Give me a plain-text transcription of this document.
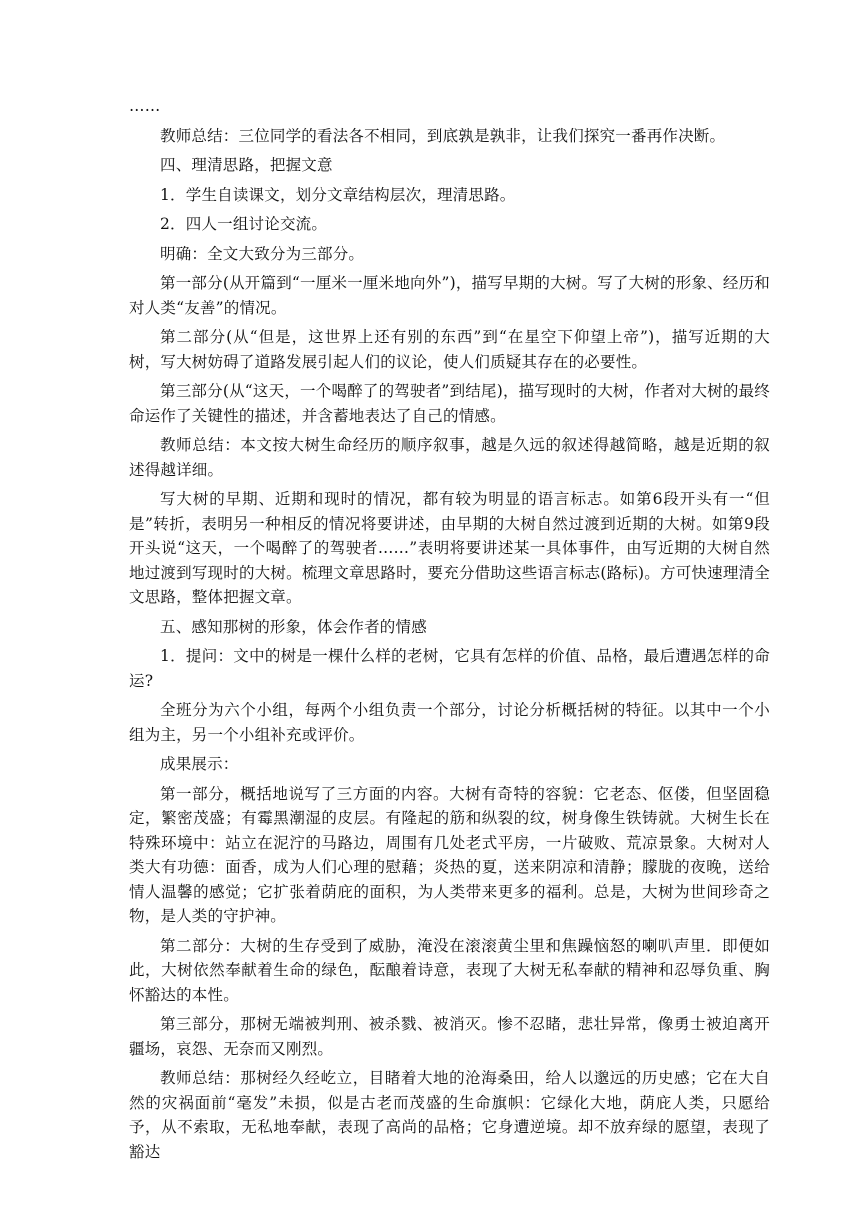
……

教师总结：三位同学的看法各不相同，到底孰是孰非，让我们探究一番再作决断。

四、理清思路，把握文意

1．学生自读课文，划分文章结构层次，理清思路。

2．四人一组讨论交流。

明确：全文大致分为三部分。

第一部分(从开篇到“一厘米一厘米地向外”)，描写早期的大树。写了大树的形象、经历和对人类“友善”的情况。

第二部分(从“但是，这世界上还有别的东西”到“在星空下仰望上帝”)，描写近期的大树，写大树妨碍了道路发展引起人们的议论，使人们质疑其存在的必要性。

第三部分(从“这天，一个喝醉了的驾驶者”到结尾)，描写现时的大树，作者对大树的最终命运作了关键性的描述，并含蓄地表达了自己的情感。

教师总结：本文按大树生命经历的顺序叙事，越是久远的叙述得越简略，越是近期的叙述得越详细。

写大树的早期、近期和现时的情况，都有较为明显的语言标志。如第6段开头有一“但是”转折，表明另一种相反的情况将要讲述，由早期的大树自然过渡到近期的大树。如第9段开头说“这天，一个喝醉了的驾驶者……”表明将要讲述某一具体事件，由写近期的大树自然地过渡到写现时的大树。梳理文章思路时，要充分借助这些语言标志(路标)。方可快速理清全文思路，整体把握文章。

五、感知那树的形象，体会作者的情感

1．提问：文中的树是一棵什么样的老树，它具有怎样的价值、品格，最后遭遇怎样的命运?

全班分为六个小组，每两个小组负责一个部分，讨论分析概括树的特征。以其中一个小组为主，另一个小组补充或评价。

成果展示：

第一部分，概括地说写了三方面的内容。大树有奇特的容貌：它老态、伛偻，但坚固稳定，繁密茂盛；有霉黑潮湿的皮层。有隆起的筋和纵裂的纹，树身像生铁铸就。大树生长在特殊环境中：站立在泥泞的马路边，周围有几处老式平房，一片破败、荒凉景象。大树对人类大有功德：面香，成为人们心理的慰藉；炎热的夏，送来阴凉和清静；朦胧的夜晚，送给情人温馨的感觉；它扩张着荫庇的面积，为人类带来更多的福利。总是，大树为世间珍奇之物，是人类的守护神。

第二部分：大树的生存受到了威胁，淹没在滚滚黄尘里和焦躁恼怒的喇叭声里．即便如此，大树依然奉献着生命的绿色，酝酿着诗意，表现了大树无私奉献的精神和忍辱负重、胸怀豁达的本性。

第三部分，那树无端被判刑、被杀戮、被消灭。惨不忍睹，悲壮异常，像勇士被迫离开疆场，哀怨、无奈而又刚烈。

教师总结：那树经久经屹立，目睹着大地的沧海桑田，给人以邈远的历史感；它在大自然的灾祸面前“毫发”未损，似是古老而茂盛的生命旗帜：它绿化大地，荫庇人类，只愿给予，从不索取，无私地奉献，表现了高尚的品格；它身遭逆境。却不放弃绿的愿望，表现了豁达
